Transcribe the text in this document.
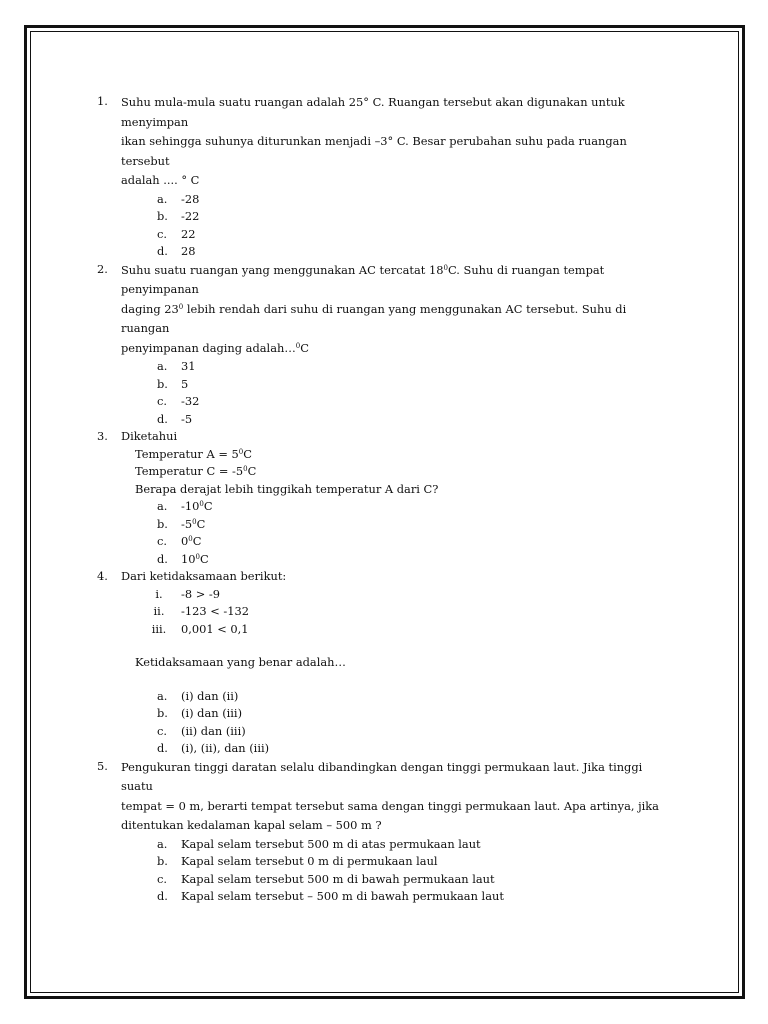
1. Suhu mula-mula suatu ruangan adalah 25° C. Ruangan tersebut akan digunakan untuk menyimpan

ikan sehingga suhunya diturunkan menjadi –3° C. Besar perubahan suhu pada ruangan tersebut

adalah .... ° C

a. -28
b. -22
c. 22
d. 28
2. Suhu suatu ruangan yang menggunakan AC tercatat $18^0C$. Suhu di ruangan tempat penyimpanan

daging $23^0$ lebih rendah dari suhu di ruangan yang menggunakan AC tersebut. Suhu di ruangan

penyimpanan daging adalah…$^0$C

a. 31
b. 5
c. -32
d. -5
3. Diketahui

Temperatur $A = 5^0C$

Temperatur $C = -5^0C$

Berapa derajat lebih tinggikah temperatur A dari C?

a. $-10^0C$
b. $-5^0C$
c. $0^0C$
d. $10^0C$
4. Dari ketidaksamaan berikut:

i.	-8 > -9
ii.	-123 < -132
iii.	0,001 < 0,1

Ketidaksamaan yang benar adalah…

a. (i) dan (ii)
b. (i) dan (iii)
c. (ii) dan (iii)
d. (i), (ii), dan (iii)
5. Pengukuran tinggi daratan selalu dibandingkan dengan tinggi permukaan laut. Jika tinggi suatu

tempat = 0 m, berarti tempat tersebut sama dengan tinggi permukaan laut. Apa artinya, jika

ditentukan kedalaman kapal selam – 500 m ?

a. Kapal selam tersebut 500 m di atas permukaan laut
b. Kapal selam tersebut 0 m di permukaan laul
c. Kapal selam tersebut 500 m di bawah permukaan laut
d. Kapal selam tersebut – 500 m di bawah permukaan laut
